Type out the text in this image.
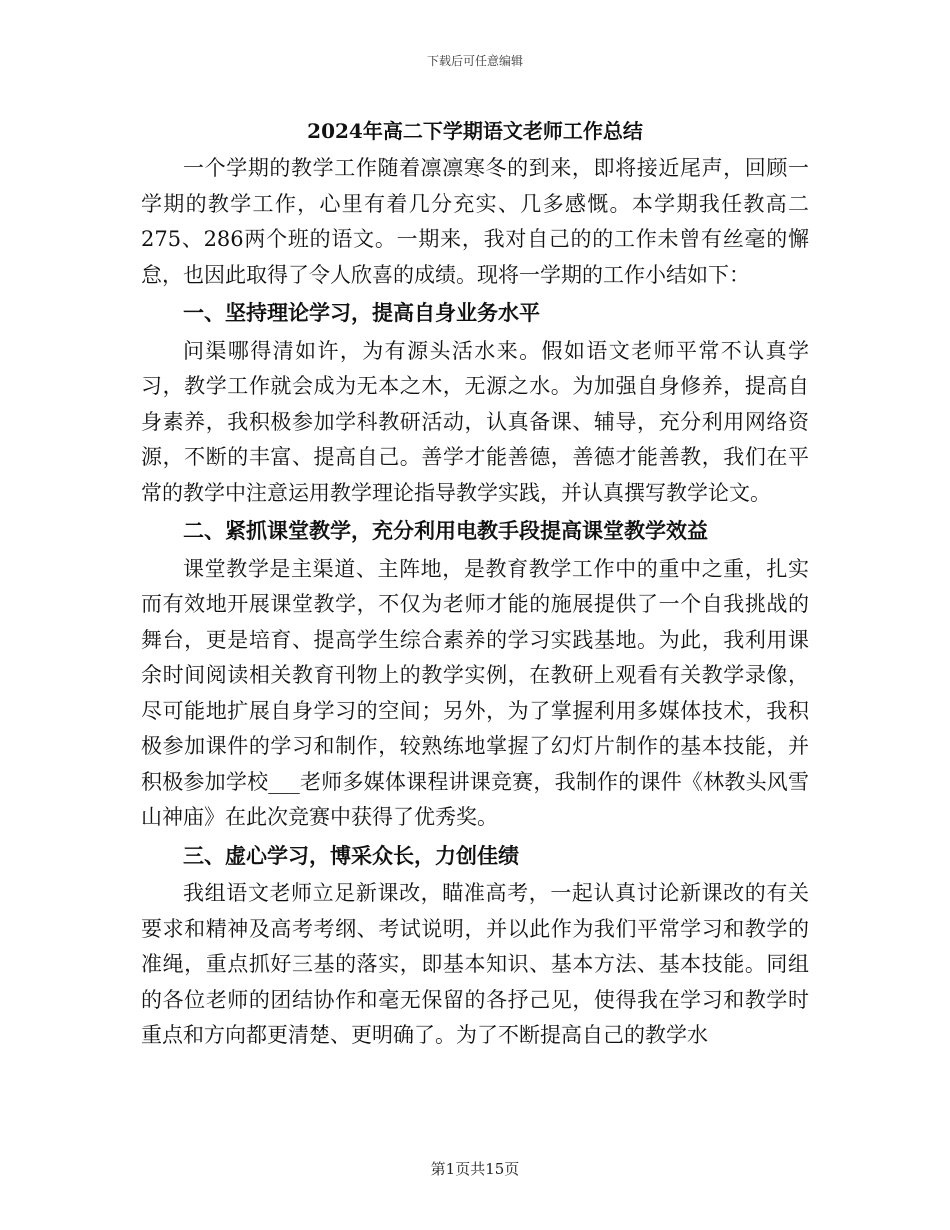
下载后可任意编辑
2024年高二下学期语文老师工作总结

一个学期的教学工作随着凛凛寒冬的到来，即将接近尾声，回顾一学期的教学工作，心里有着几分充实、几多感慨。本学期我任教高二275、286两个班的语文。一期来，我对自己的的工作未曾有丝毫的懈怠，也因此取得了令人欣喜的成绩。现将一学期的工作小结如下：

一、坚持理论学习，提高自身业务水平

问渠哪得清如许，为有源头活水来。假如语文老师平常不认真学习，教学工作就会成为无本之木，无源之水。为加强自身修养，提高自身素养，我积极参加学科教研活动，认真备课、辅导，充分利用网络资源，不断的丰富、提高自己。善学才能善德，善德才能善教，我们在平常的教学中注意运用教学理论指导教学实践，并认真撰写教学论文。

二、紧抓课堂教学，充分利用电教手段提高课堂教学效益

课堂教学是主渠道、主阵地，是教育教学工作中的重中之重，扎实而有效地开展课堂教学，不仅为老师才能的施展提供了一个自我挑战的舞台，更是培育、提高学生综合素养的学习实践基地。为此，我利用课余时间阅读相关教育刊物上的教学实例，在教研上观看有关教学录像，尽可能地扩展自身学习的空间；另外，为了掌握利用多媒体技术，我积极参加课件的学习和制作，较熟练地掌握了幻灯片制作的基本技能，并积极参加学校___老师多媒体课程讲课竞赛，我制作的课件《林教头风雪山神庙》在此次竞赛中获得了优秀奖。

三、虚心学习，博采众长，力创佳绩

我组语文老师立足新课改，瞄准高考，一起认真讨论新课改的有关要求和精神及高考考纲、考试说明，并以此作为我们平常学习和教学的准绳，重点抓好三基的落实，即基本知识、基本方法、基本技能。同组的各位老师的团结协作和毫无保留的各抒己见，使得我在学习和教学时重点和方向都更清楚、更明确了。为了不断提高自己的教学水

第1页共15页
